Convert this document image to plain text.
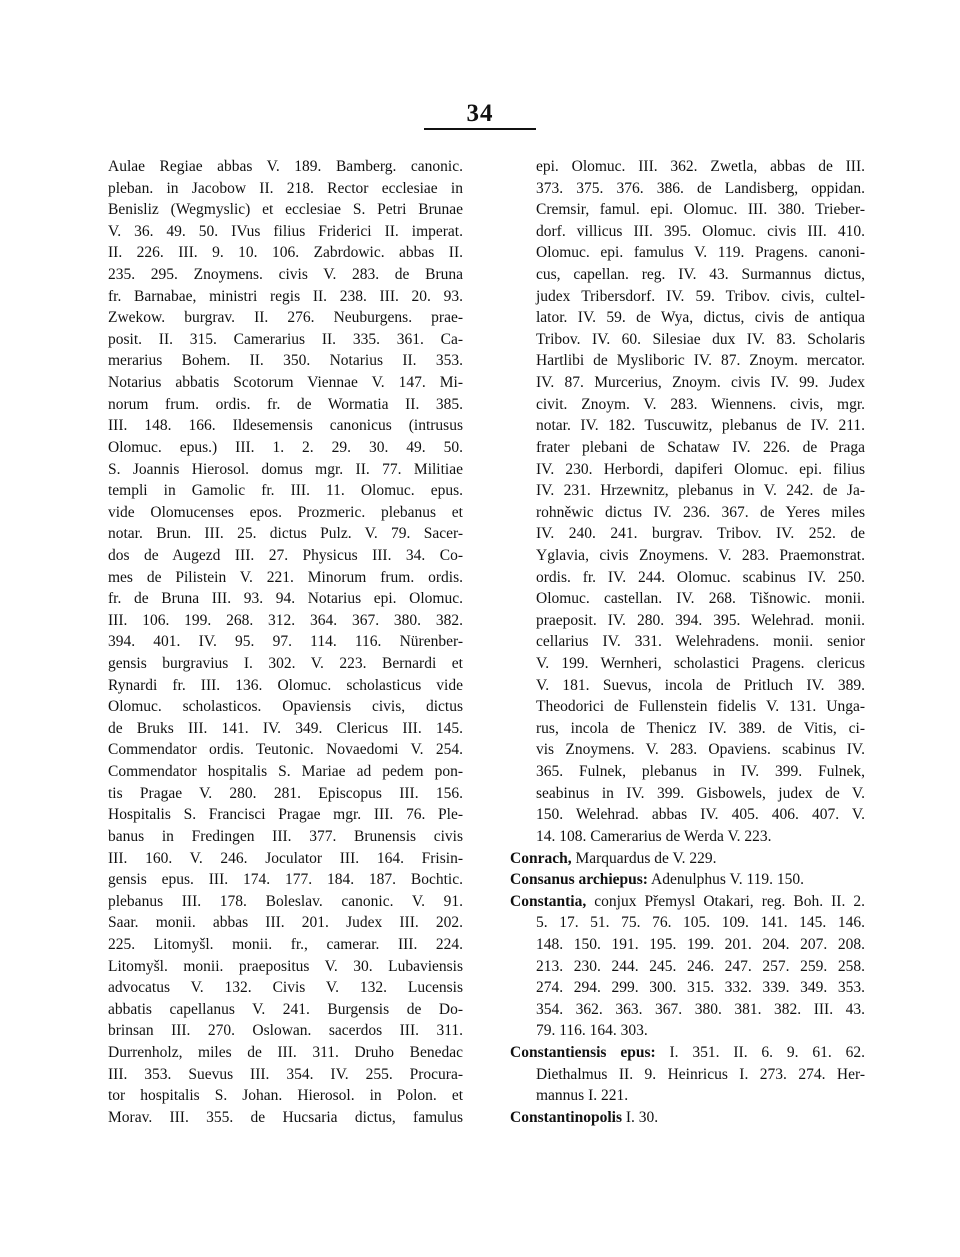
34
Aulae Regiae abbas V. 189. Bamberg. canonic.
pleban. in Jacobow II. 218. Rector ecclesiae in
Benisliz (Wegmyslic) et ecclesiae S. Petri Brunae
V. 36. 49. 50. IVus filius Friderici II. imperat.
II. 226. III. 9. 10. 106. Zabrdowic. abbas II.
235. 295. Znoymens. civis V. 283. de Bruna
fr. Barnabae, ministri regis II. 238. III. 20. 93.
Zwekow. burgrav. II. 276. Neuburgens. prae-
posit. II. 315. Camerarius II. 335. 361. Ca-
merarius Bohem. II. 350. Notarius II. 353.
Notarius abbatis Scotorum Viennae V. 147. Mi-
norum frum. ordis. fr. de Wormatia II. 385.
III. 148. 166. Ildesemensis canonicus (intrusus
Olomuc. epus.) III. 1. 2. 29. 30. 49. 50.
S. Joannis Hierosol. domus mgr. II. 77. Militiae
templi in Gamolic fr. III. 11. Olomuc. epus.
vide Olomucenses epos. Prozmeric. plebanus et
notar. Brun. III. 25. dictus Pulz. V. 79. Sacer-
dos de Augezd III. 27. Physicus III. 34. Co-
mes de Pilistein V. 221. Minorum frum. ordis.
fr. de Bruna III. 93. 94. Notarius epi. Olomuc.
III. 106. 199. 268. 312. 364. 367. 380. 382.
394. 401. IV. 95. 97. 114. 116. Nürenber-
gensis burgravius I. 302. V. 223. Bernardi et
Rynardi fr. III. 136. Olomuc. scholasticus vide
Olomuc. scholasticos. Opaviensis civis, dictus
de Bruks III. 141. IV. 349. Clericus III. 145.
Commendator ordis. Teutonic. Novaedomi V. 254.
Commendator hospitalis S. Mariae ad pedem pon-
tis Pragae V. 280. 281. Episcopus III. 156.
Hospitalis S. Francisci Pragae mgr. III. 76. Ple-
banus in Fredingen III. 377. Brunensis civis
III. 160. V. 246. Joculator III. 164. Frisin-
gensis epus. III. 174. 177. 184. 187. Bochtic.
plebanus III. 178. Boleslav. canonic. V. 91.
Saar. monii. abbas III. 201. Judex III. 202.
225. Litomyšl. monii. fr., camerar. III. 224.
Litomyšl. monii. praepositus V. 30. Lubaviensis
advocatus V. 132. Civis V. 132. Lucensis
abbatis capellanus V. 241. Burgensis de Do-
brinsan III. 270. Oslowan. sacerdos III. 311.
Durrenholz, miles de III. 311. Druho Benedac
III. 353. Suevus III. 354. IV. 255. Procura-
tor hospitalis S. Johan. Hierosol. in Polon. et
Morav. III. 355. de Hucsaria dictus, famulus
epi. Olomuc. III. 362. Zwetla, abbas de III.
373. 375. 376. 386. de Landisberg, oppidan.
Cremsir, famul. epi. Olomuc. III. 380. Trieber-
dorf. villicus III. 395. Olomuc. civis III. 410.
Olomuc. epi. famulus V. 119. Pragens. canoni-
cus, capellan. reg. IV. 43. Surmannus dictus,
judex Tribersdorf. IV. 59. Tribov. civis, cultel-
lator. IV. 59. de Wya, dictus, civis de antiqua
Tribov. IV. 60. Silesiae dux IV. 83. Scholaris
Hartlibi de Mysliboric IV. 87. Znoym. mercator.
IV. 87. Murcerius, Znoym. civis IV. 99. Judex
civit. Znoym. V. 283. Wiennens. civis, mgr.
notar. IV. 182. Tuscuwitz, plebanus de IV. 211.
frater plebani de Schataw IV. 226. de Praga
IV. 230. Herbordi, dapiferi Olomuc. epi. filius
IV. 231. Hrzewnitz, plebanus in V. 242. de Ja-
rohněwic dictus IV. 236. 367. de Yeres miles
IV. 240. 241. burgrav. Tribov. IV. 252. de
Yglavia, civis Znoymens. V. 283. Praemonstrat.
ordis. fr. IV. 244. Olomuc. scabinus IV. 250.
Olomuc. castellan. IV. 268. Tišnowic. monii.
praeposit. IV. 280. 394. 395. Welehrad. monii.
cellarius IV. 331. Welehradens. monii. senior
V. 199. Wernheri, scholastici Pragens. clericus
V. 181. Suevus, incola de Pritluch IV. 389.
Theodorici de Fullenstein fidelis V. 131. Unga-
rus, incola de Thenicz IV. 389. de Vitis, ci-
vis Znoymens. V. 283. Opaviens. scabinus IV.
365. Fulnek, plebanus in IV. 399. Fulnek,
seabinus in IV. 399. Gisbowels, judex de V.
150. Welehrad. abbas IV. 405. 406. 407. V.
14. 108. Camerarius de Werda V. 223.
Conrach, Marquardus de V. 229.
Consanus archiepus: Adenulphus V. 119. 150.
Constantia, conjux Přemysl Otakari, reg. Boh. II. 2.
5. 17. 51. 75. 76. 105. 109. 141. 145. 146.
148. 150. 191. 195. 199. 201. 204. 207. 208.
213. 230. 244. 245. 246. 247. 257. 259. 258.
274. 294. 299. 300. 315. 332. 339. 349. 353.
354. 362. 363. 367. 380. 381. 382. III. 43.
79. 116. 164. 303.
Constantiensis epus: I. 351. II. 6. 9. 61. 62.
Diethalmus II. 9. Heinricus I. 273. 274. Her-
mannus I. 221.
Constantinopolis I. 30.
